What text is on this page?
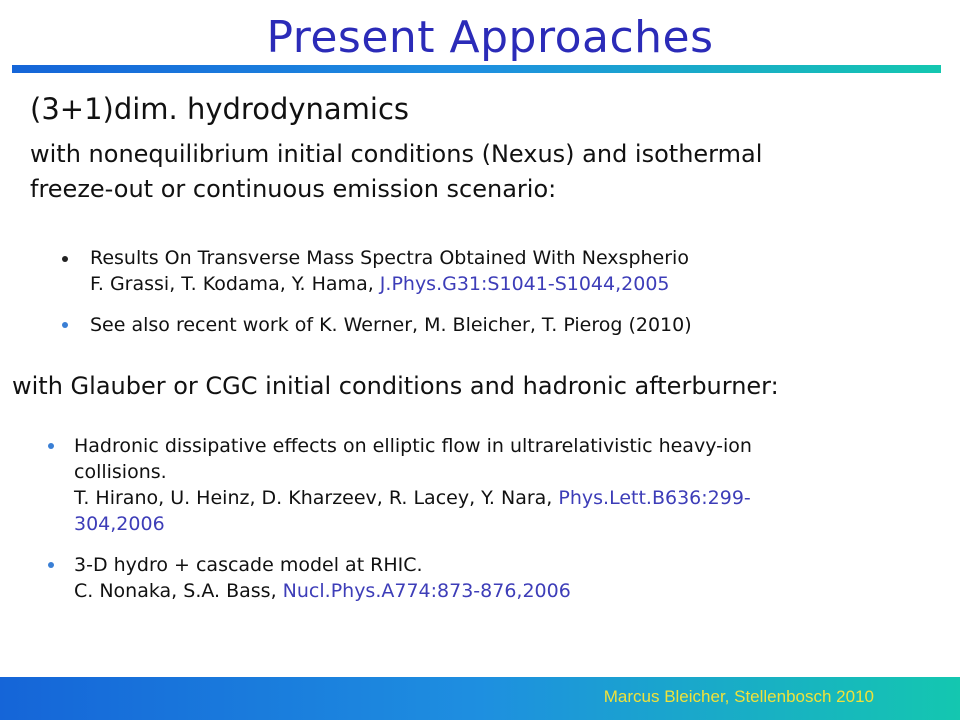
Present Approaches
(3+1)dim. hydrodynamics
with nonequilibrium initial conditions (Nexus) and isothermal
freeze-out or continuous emission scenario:
Results On Transverse Mass Spectra Obtained With Nexspherio
F. Grassi, T. Kodama, Y. Hama, J.Phys.G31:S1041-S1044,2005
See also recent work of K. Werner, M. Bleicher, T. Pierog (2010)
with Glauber or CGC initial conditions and hadronic afterburner:
Hadronic dissipative effects on elliptic flow in ultrarelativistic heavy-ion
collisions.
T. Hirano, U. Heinz, D. Kharzeev, R. Lacey, Y. Nara, Phys.Lett.B636:299-
304,2006
3-D hydro + cascade model at RHIC.
C. Nonaka, S.A. Bass, Nucl.Phys.A774:873-876,2006
Marcus Bleicher, Stellenbosch 2010
